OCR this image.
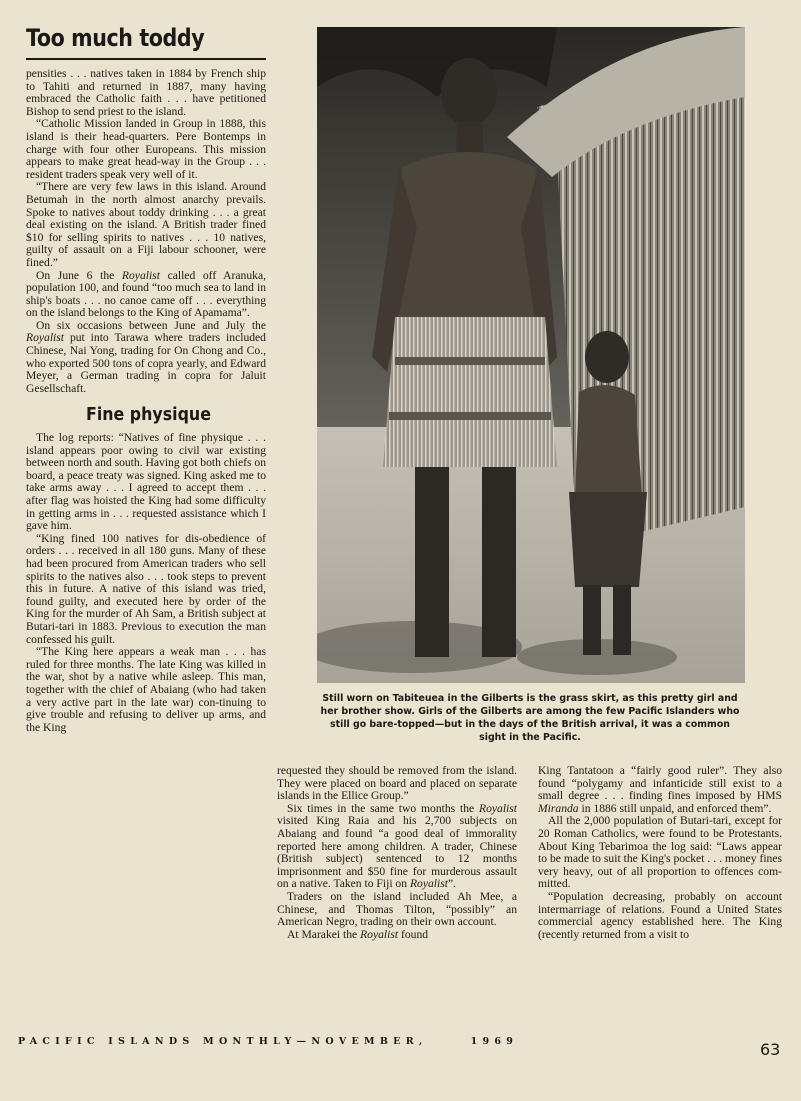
Too much toddy

pensities . . . natives taken in 1884 by French ship to Tahiti and returned in 1887, many having embraced the Catholic faith . . . have petitioned Bishop to send priest to the island.

“Catholic Mission landed in Group in 1888, this island is their head-quarters. Pere Bontemps in charge with four other Europeans. This mission appears to make great head-way in the Group . . . resident traders speak very well of it.

“There are very few laws in this island. Around Betumah in the north almost anarchy prevails. Spoke to natives about toddy drinking . . . a great deal existing on the island. A British trader fined $10 for selling spirits to natives . . . 10 natives, guilty of assault on a Fiji labour schooner, were fined.”

On June 6 the Royalist called off Aranuka, population 100, and found “too much sea to land in ship's boats . . . no canoe came off . . . everything on the island belongs to the King of Apamama”.

On six occasions between June and July the Royalist put into Tarawa where traders included Chinese, Nai Yong, trading for On Chong and Co., who exported 500 tons of copra yearly, and Edward Meyer, a German trading in copra for Jaluit Gesellschaft.

Fine physique

The log reports: “Natives of fine physique . . . island appears poor owing to civil war existing between north and south. Having got both chiefs on board, a peace treaty was signed. King asked me to take arms away . . . I agreed to accept them . . . after flag was hoisted the King had some difficulty in getting arms in . . . requested assistance which I gave him.

“King fined 100 natives for dis-obedience of orders . . . received in all 180 guns. Many of these had been procured from American traders who sell spirits to the natives also . . . took steps to prevent this in future. A native of this island was tried, found guilty, and executed here by order of the King for the murder of Ah Sam, a British subject at Butari-tari in 1883. Previous to execution the man confessed his guilt.

“The King here appears a weak man . . . has ruled for three months. The late King was killed in the war, shot by a native while asleep. This man, together with the chief of Abaiang (who had taken a very active part in the late war) con-tinuing to give trouble and refusing to deliver up arms, and the King

Still worn on Tabiteuea in the Gilberts is the grass skirt, as this pretty girl and her brother show. Girls of the Gilberts are among the few Pacific Islanders who still go bare-topped—but in the days of the British arrival, it was a common sight in the Pacific.

requested they should be removed from the island. They were placed on board and placed on separate islands in the Ellice Group.”

Six times in the same two months the Royalist visited King Raia and his 2,700 subjects on Abaiang and found “a good deal of immorality reported here among children. A trader, Chinese (British subject) sentenced to 12 months imprisonment and $50 fine for murderous assault on a native. Taken to Fiji on Royalist”.

Traders on the island included Ah Mee, a Chinese, and Thomas Tilton, “possibly” an American Negro, trading on their own account.

At Marakei the Royalist found

King Tantatoon a “fairly good ruler”. They also found “polygamy and infanticide still exist to a small degree . . . finding fines imposed by HMS Miranda in 1886 still unpaid, and enforced them”.

All the 2,000 population of Butari-tari, except for 20 Roman Catholics, were found to be Protestants. About King Tebarimoa the log said: “Laws appear to be made to suit the King's pocket . . . money fines very heavy, out of all proportion to offences com-mitted.

“Population decreasing, probably on account intermarriage of relations. Found a United States commercial agency established here. The King (recently returned from a visit to

PACIFIC ISLANDS MONTHLY—NOVEMBER,	1969	63
